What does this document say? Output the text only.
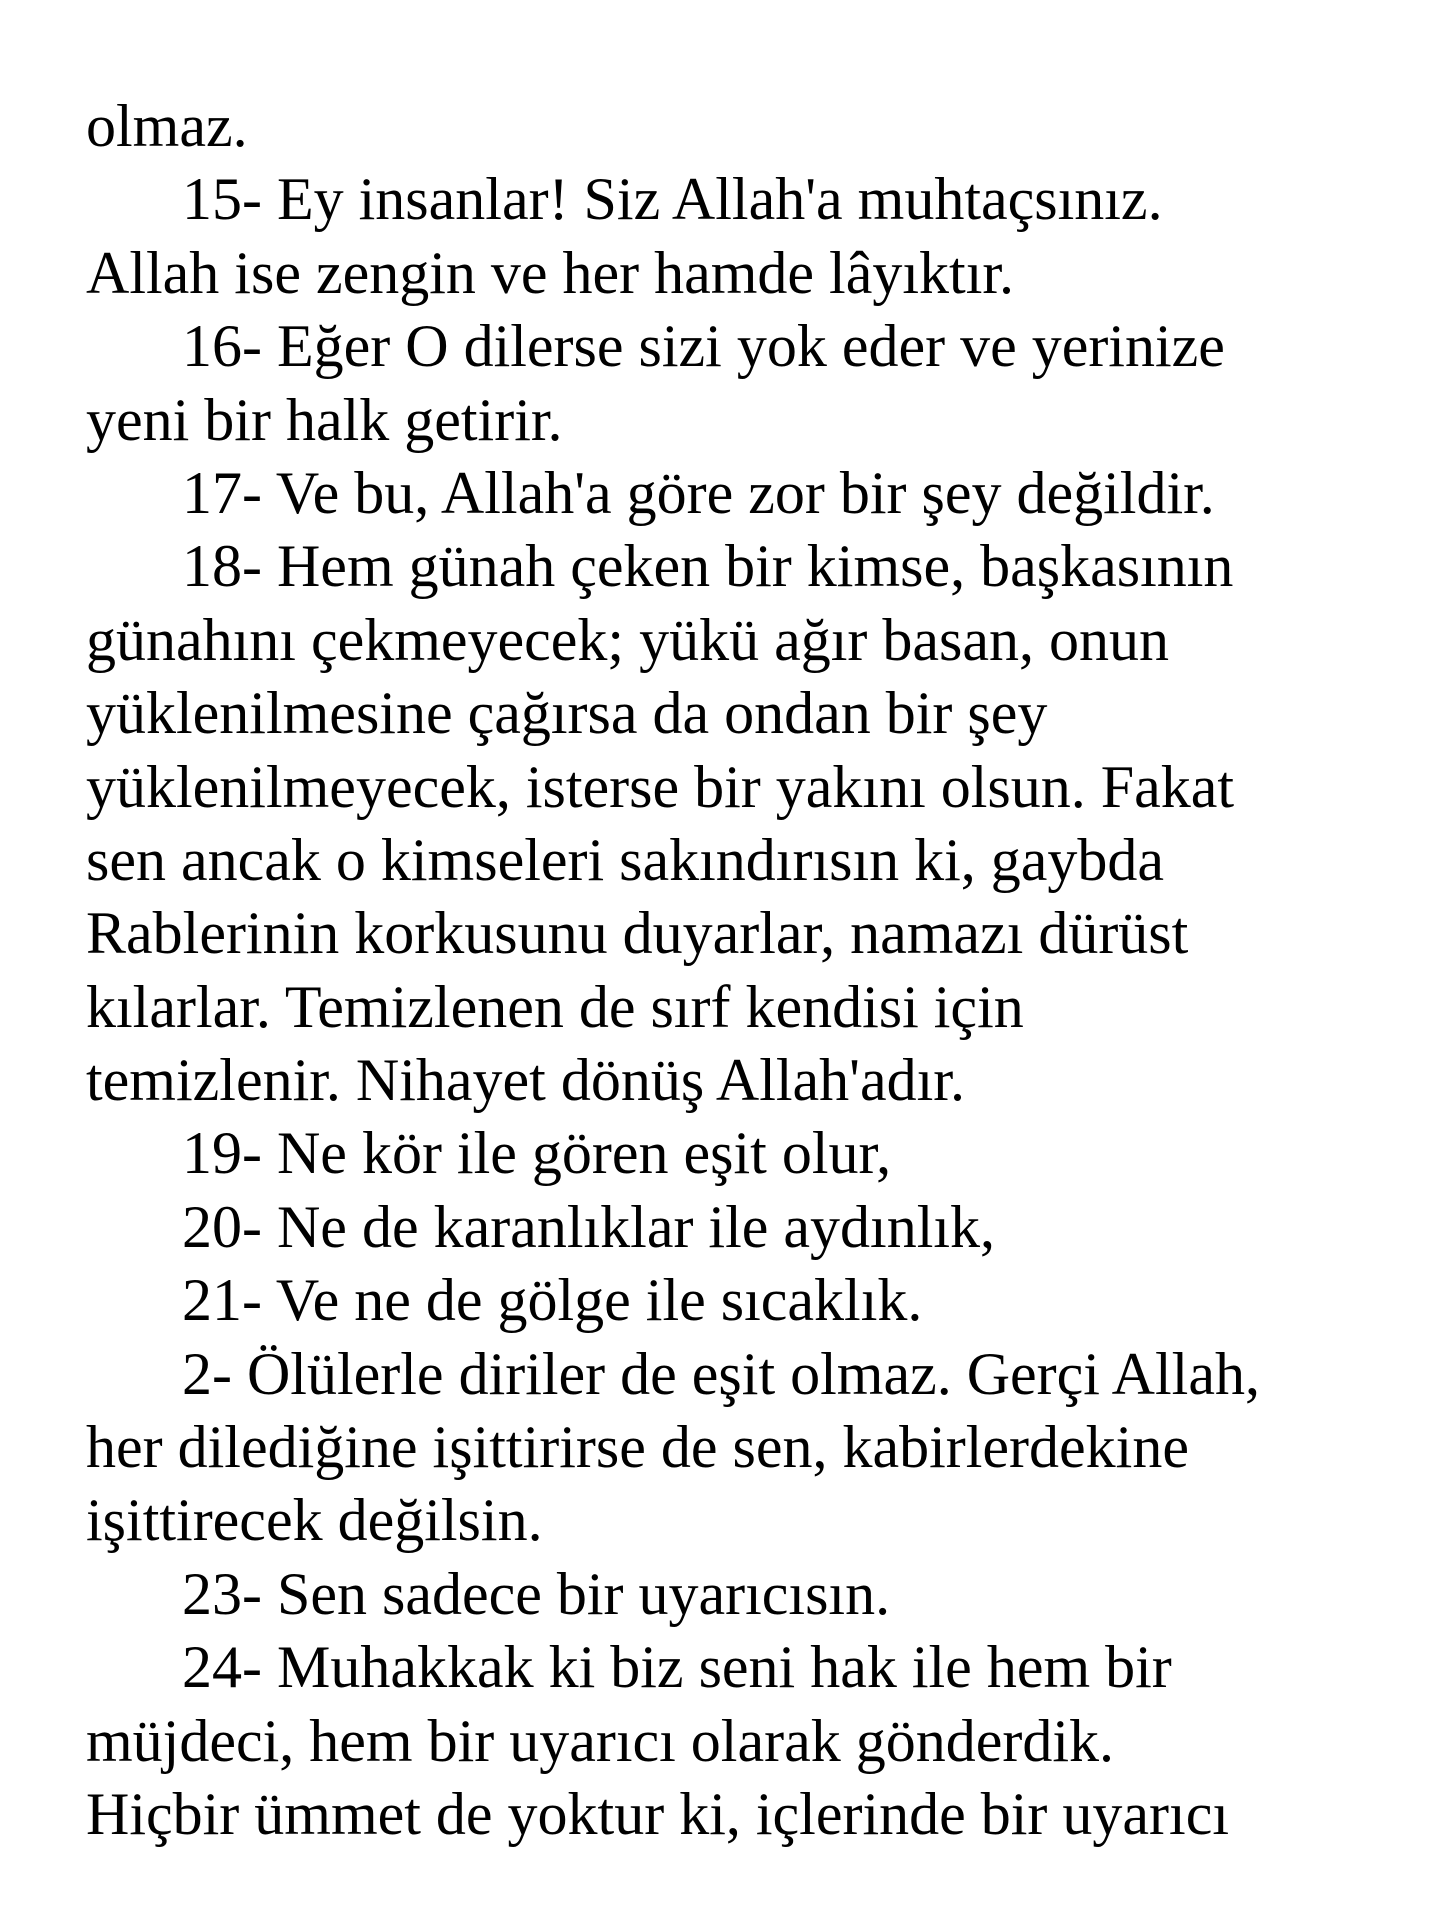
olmaz.
15- Ey insanlar! Siz Allah'a muhtaçsınız.
Allah ise zengin ve her hamde lâyıktır.
16- Eğer O dilerse sizi yok eder ve yerinize
yeni bir halk getirir.
17- Ve bu, Allah'a göre zor bir şey değildir.
18- Hem günah çeken bir kimse, başkasının
günahını çekmeyecek; yükü ağır basan, onun
yüklenilmesine çağırsa da ondan bir şey
yüklenilmeyecek, isterse bir yakını olsun. Fakat
sen ancak o kimseleri sakındırısın ki, gaybda
Rablerinin korkusunu duyarlar, namazı dürüst
kılarlar. Temizlenen de sırf kendisi için
temizlenir. Nihayet dönüş Allah'adır.
19- Ne kör ile gören eşit olur,
20- Ne de karanlıklar ile aydınlık,
21- Ve ne de gölge ile sıcaklık.
2- Ölülerle diriler de eşit olmaz. Gerçi Allah,
her dilediğine işittirirse de sen, kabirlerdekine
işittirecek değilsin.
23- Sen sadece bir uyarıcısın.
24- Muhakkak ki biz seni hak ile hem bir
müjdeci, hem bir uyarıcı olarak gönderdik.
Hiçbir ümmet de yoktur ki, içlerinde bir uyarıcı
